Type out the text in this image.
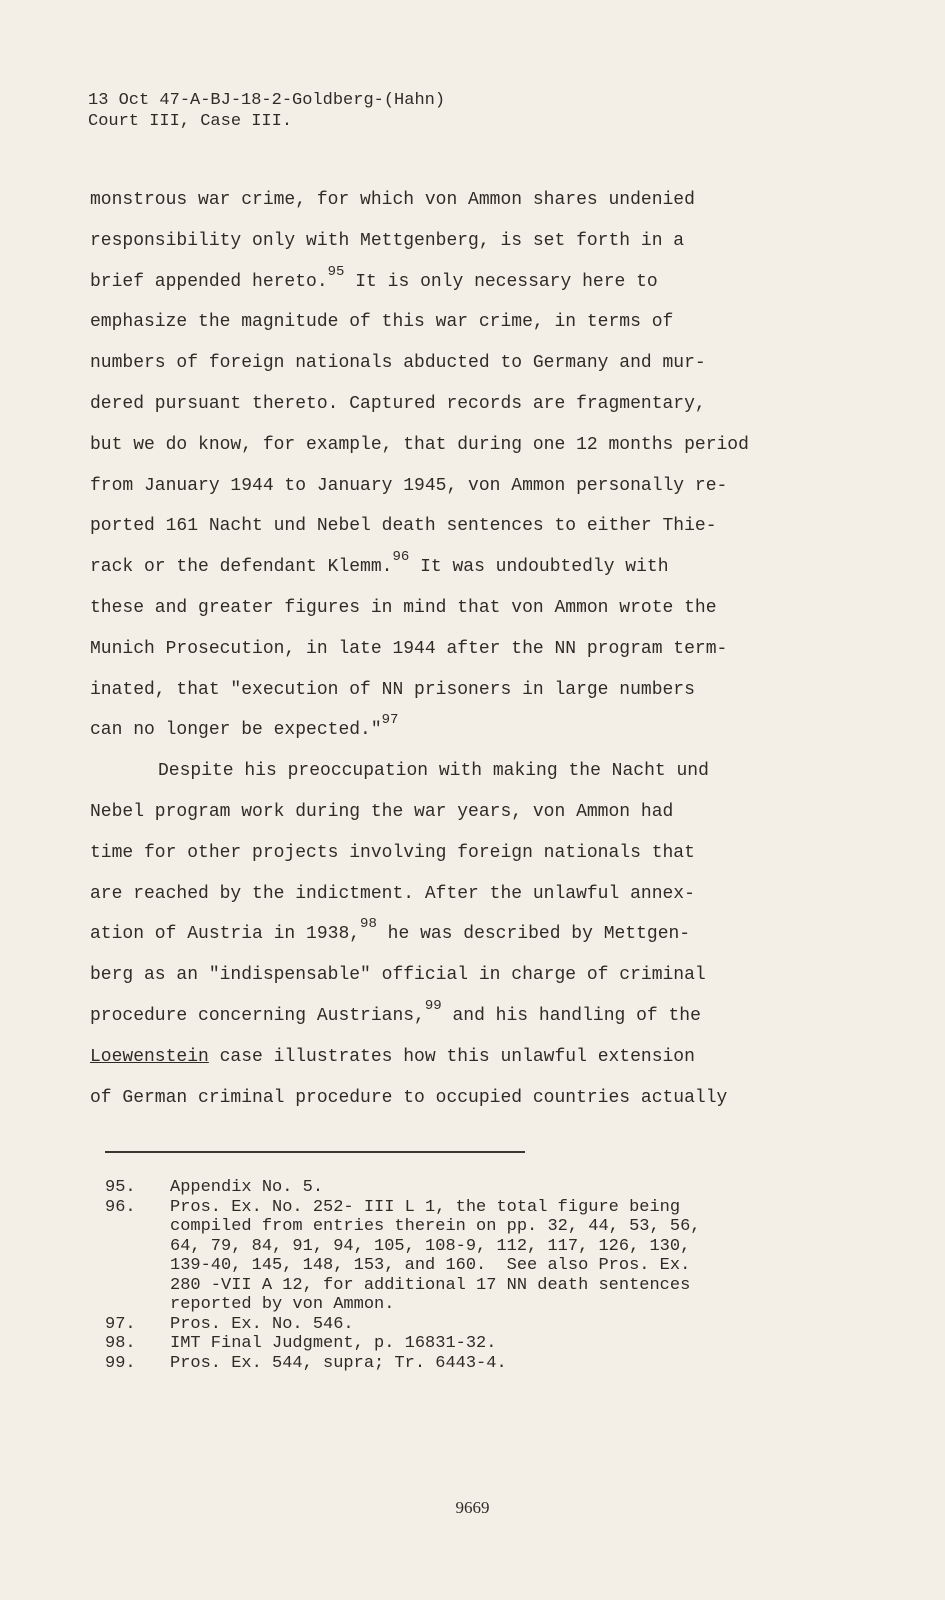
13 Oct 47-A-BJ-18-2-Goldberg-(Hahn)
Court III, Case III.
monstrous war crime, for which von Ammon shares undenied
responsibility only with Mettgenberg, is set forth in a
brief appended hereto.$^{95}$ It is only necessary here to
emphasize the magnitude of this war crime, in terms of
numbers of foreign nationals abducted to Germany and mur-
dered pursuant thereto. Captured records are fragmentary,
but we do know, for example, that during one 12 months period
from January 1944 to January 1945, von Ammon personally re-
ported 161 Nacht und Nebel death sentences to either Thie-
rack or the defendant Klemm.$^{96}$ It was undoubtedly with
these and greater figures in mind that von Ammon wrote the
Munich Prosecution, in late 1944 after the NN program term-
inated, that "execution of NN prisoners in large numbers
can no longer be expected."$^{97}$
Despite his preoccupation with making the Nacht und
Nebel program work during the war years, von Ammon had
time for other projects involving foreign nationals that
are reached by the indictment. After the unlawful annex-
ation of Austria in 1938,98 he was described by Mettgen-
berg as an "indispensable" official in charge of criminal
procedure concerning Austrians,$^{99}$ and his handling of the
Loewenstein case illustrates how this unlawful extension
of German criminal procedure to occupied countries actually
95.	Appendix No. 5.
96.	Pros. Ex. No. 252- III L 1, the total figure being
compiled from entries therein on pp. 32, 44, 53, 56,
64, 79, 84, 91, 94, 105, 108-9, 112, 117, 126, 130,
139-40, 145, 148, 153, and 160.  See also Pros. Ex.
280 -VII A 12, for additional 17 NN death sentences
reported by von Ammon.
97.	Pros. Ex. No. 546.
98.	IMT Final Judgment, p. 16831-32.
99.	Pros. Ex. 544, supra; Tr. 6443-4.
9669
